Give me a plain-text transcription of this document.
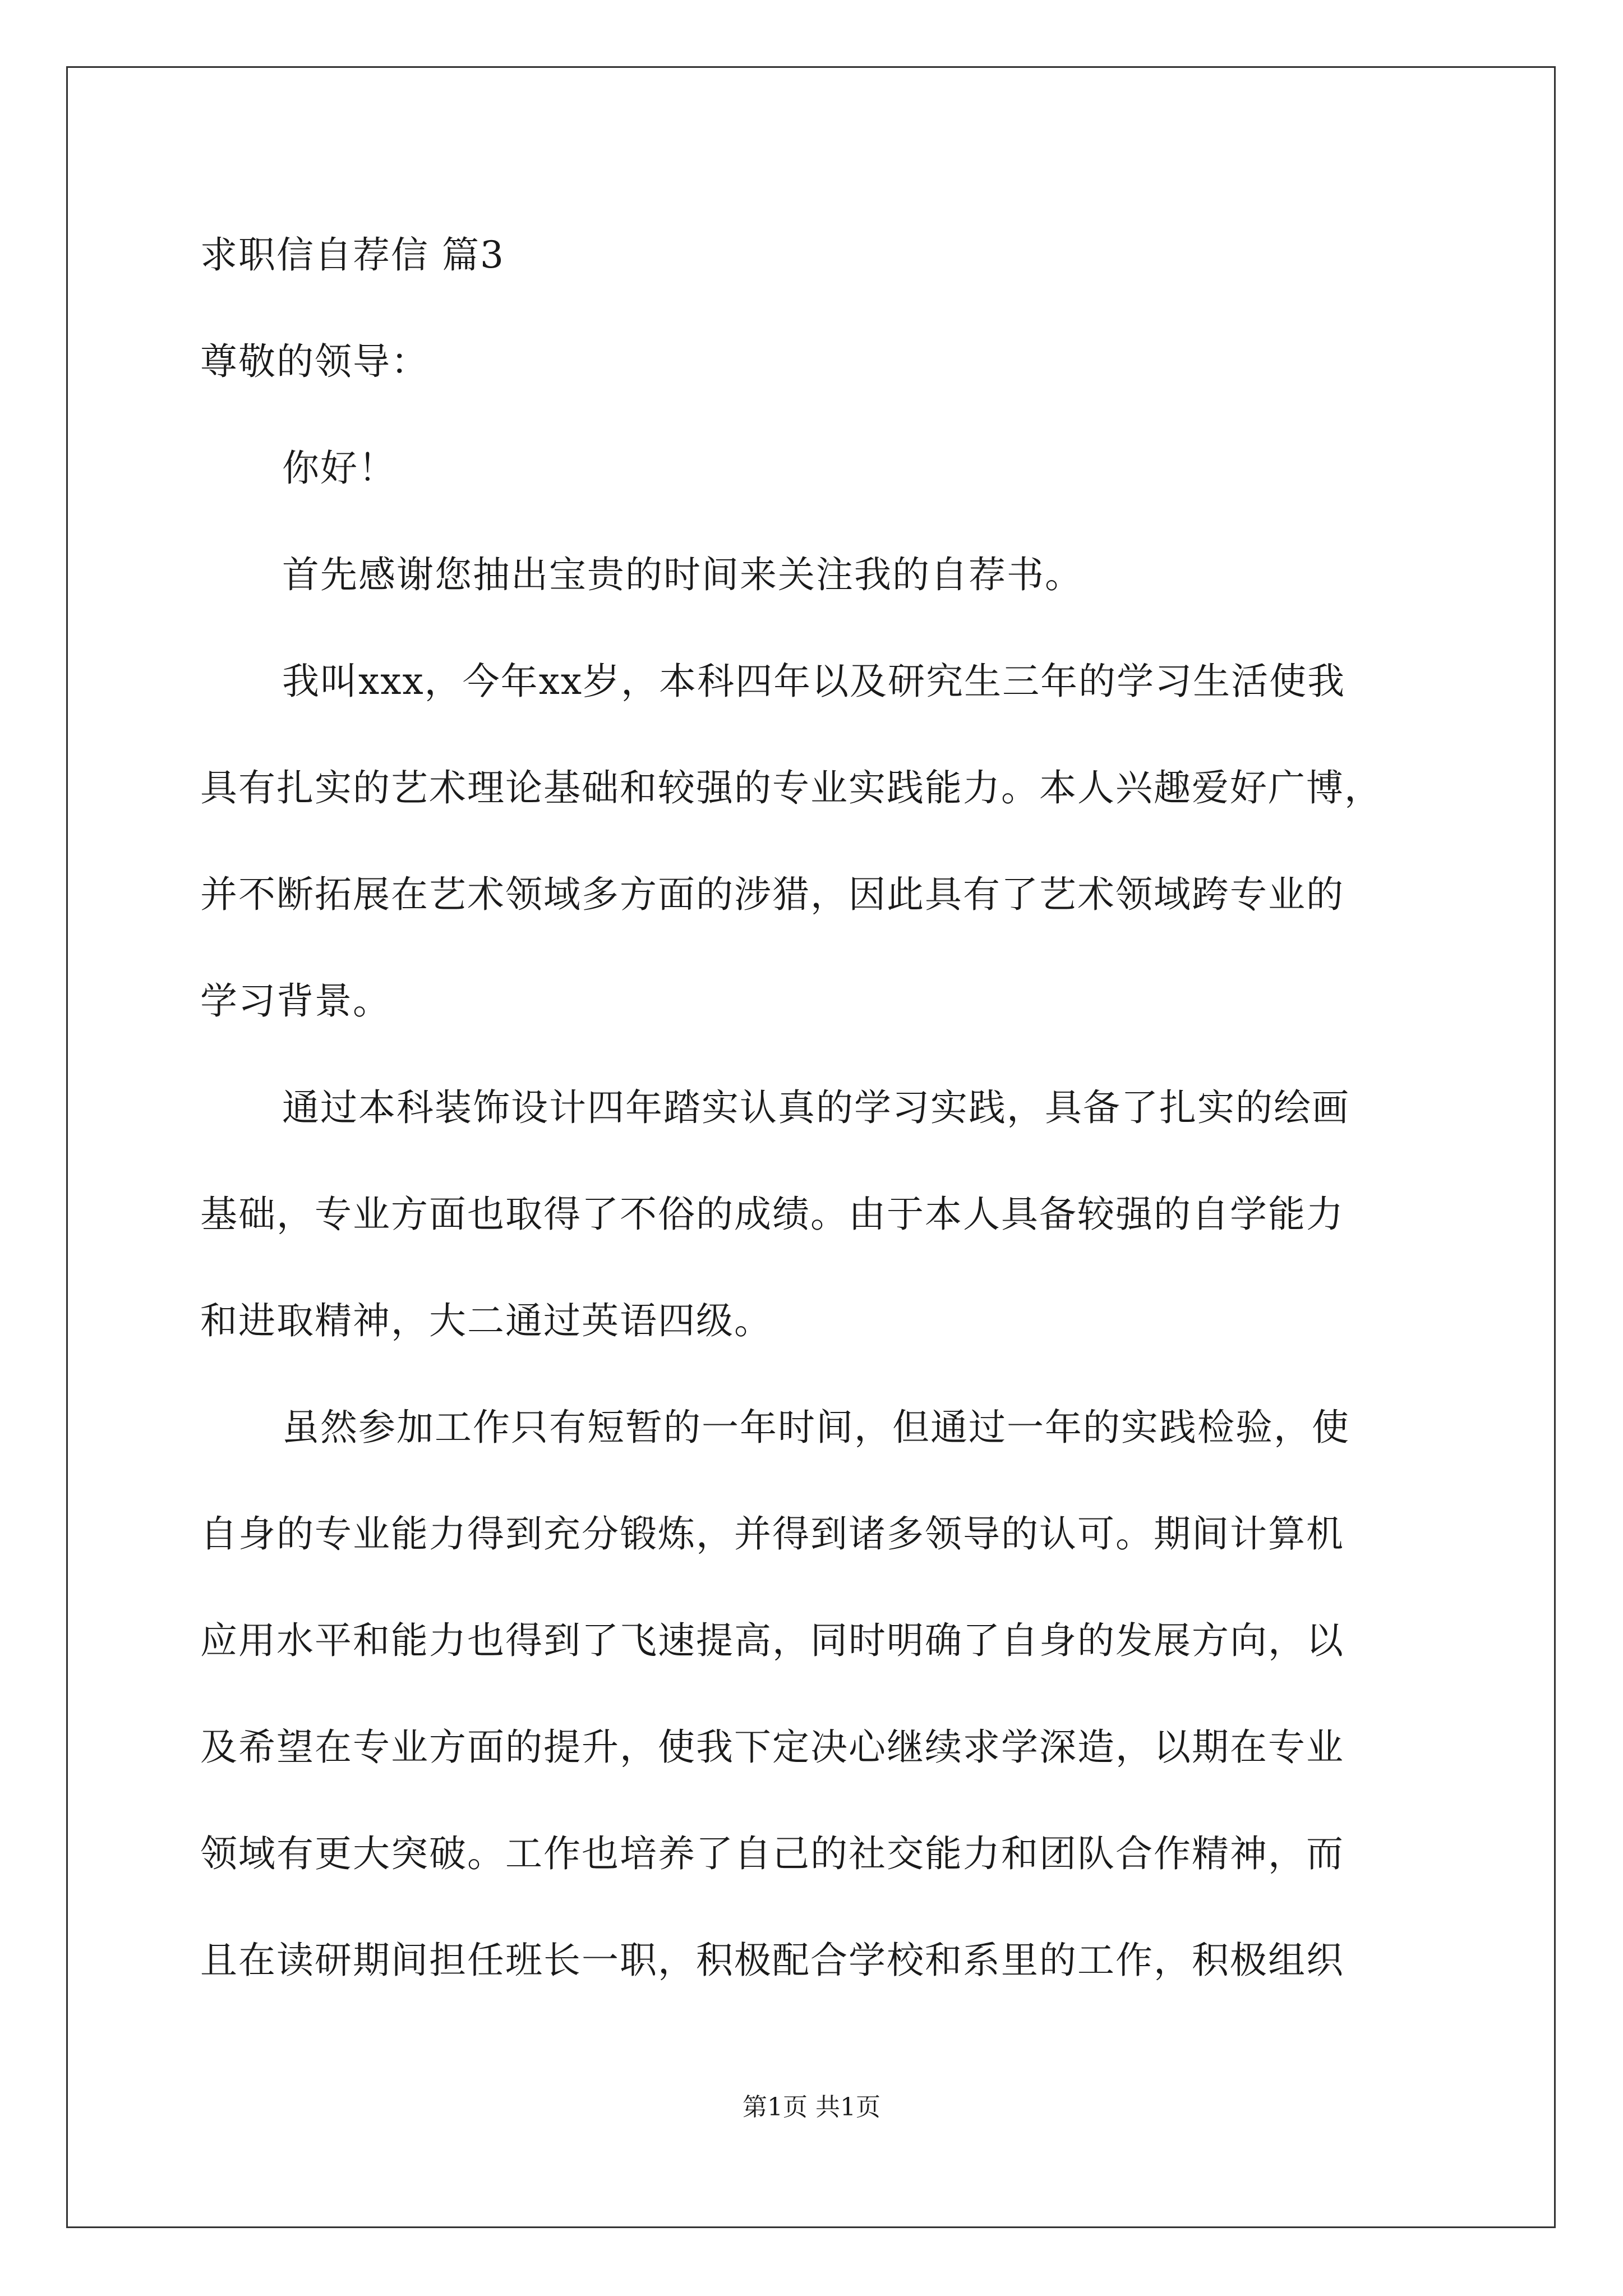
求职信自荐信 篇3
尊敬的领导：
你好！
首先感谢您抽出宝贵的时间来关注我的自荐书。
我叫xxx，今年xx岁，本科四年以及研究生三年的学习生活使我
具有扎实的艺术理论基础和较强的专业实践能力。本人兴趣爱好广博，
并不断拓展在艺术领域多方面的涉猎，因此具有了艺术领域跨专业的
学习背景。
通过本科装饰设计四年踏实认真的学习实践，具备了扎实的绘画
基础，专业方面也取得了不俗的成绩。由于本人具备较强的自学能力
和进取精神，大二通过英语四级。
虽然参加工作只有短暂的一年时间，但通过一年的实践检验，使
自身的专业能力得到充分锻炼，并得到诸多领导的认可。期间计算机
应用水平和能力也得到了飞速提高，同时明确了自身的发展方向，以
及希望在专业方面的提升，使我下定决心继续求学深造，以期在专业
领域有更大突破。工作也培养了自己的社交能力和团队合作精神，而
且在读研期间担任班长一职，积极配合学校和系里的工作，积极组织
第1页 共1页
